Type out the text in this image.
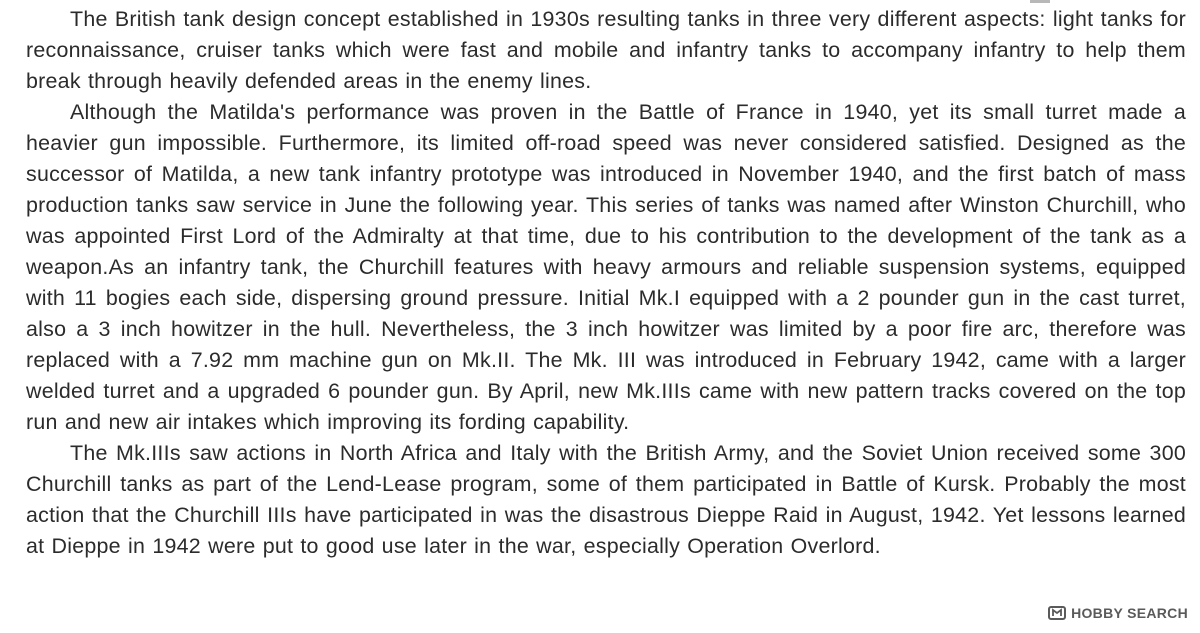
The British tank design concept established in 1930s resulting tanks in three very different aspects: light tanks for reconnaissance, cruiser tanks which were fast and mobile and infantry tanks to accompany infantry to help them break through heavily defended areas in the enemy lines.

Although the Matilda's performance was proven in the Battle of France in 1940, yet its small turret made a heavier gun impossible. Furthermore, its limited off-road speed was never considered satisfied. Designed as the successor of Matilda, a new tank infantry prototype was introduced in November 1940, and the first batch of mass production tanks saw service in June the following year. This series of tanks was named after Winston Churchill, who was appointed First Lord of the Admiralty at that time, due to his contribution to the development of the tank as a weapon.As an infantry tank, the Churchill features with heavy armours and reliable suspension systems, equipped with 11 bogies each side, dispersing ground pressure. Initial Mk.I equipped with a 2 pounder gun in the cast turret, also a 3 inch howitzer in the hull. Nevertheless, the 3 inch howitzer was limited by a poor fire arc, therefore was replaced with a 7.92 mm machine gun on Mk.II. The Mk. III was introduced in February 1942, came with a larger welded turret and a upgraded 6 pounder gun. By April, new Mk.IIIs came with new pattern tracks covered on the top run and new air intakes which improving its fording capability.

The Mk.IIIs saw actions in North Africa and Italy with the British Army, and the Soviet Union received some 300 Churchill tanks as part of the Lend-Lease program, some of them participated in Battle of Kursk. Probably the most action that the Churchill IIIs have participated in was the disastrous Dieppe Raid in August, 1942. Yet lessons learned at Dieppe in 1942 were put to good use later in the war, especially Operation Overlord.

HOBBY SEARCH
